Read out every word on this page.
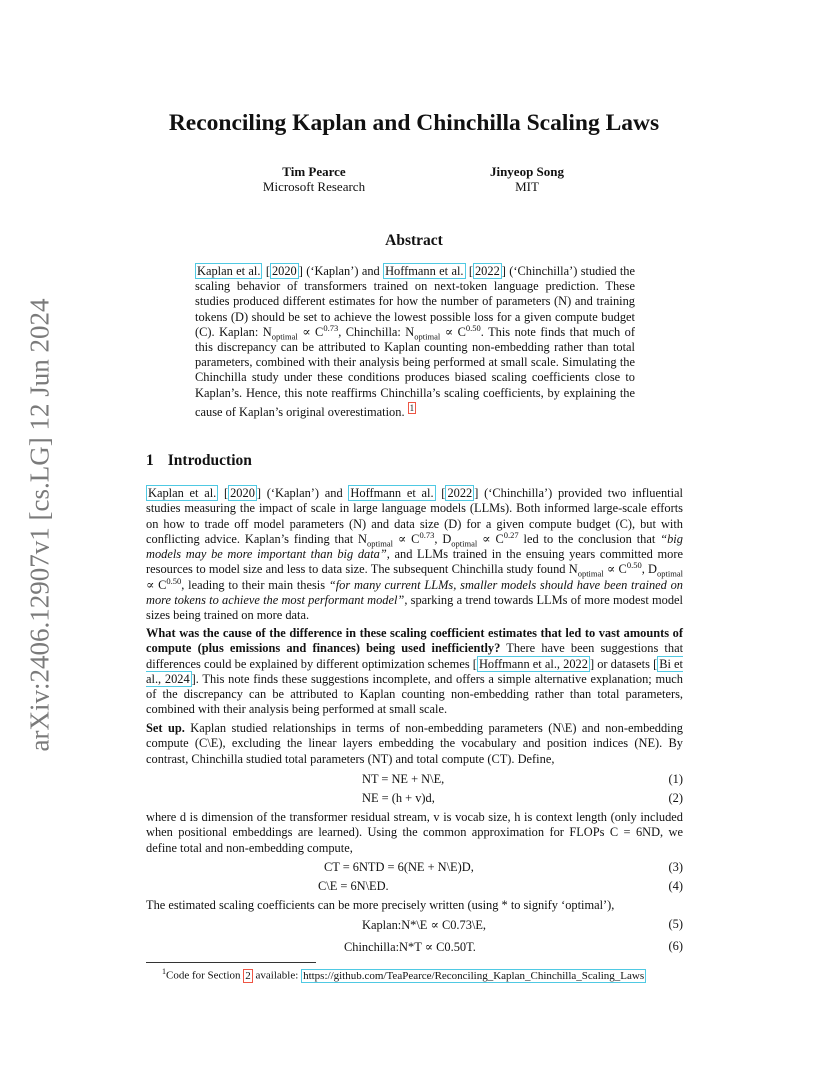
arXiv:2406.12907v1 [cs.LG] 12 Jun 2024
Reconciling Kaplan and Chinchilla Scaling Laws
Tim Pearce
Microsoft Research
Jinyeop Song
MIT
Abstract
Kaplan et al. [ 2020 ] (‘Kaplan’) and Hoffmann et al. [ 2022 ] (‘Chinchilla’) studied the scaling behavior of transformers trained on next-token language prediction. These studies produced different estimates for how the number of parameters (N) and training tokens (D) should be set to achieve the lowest possible loss for a given compute budget (C). Kaplan: $N_{optimal} \propto C^{0.73}$, Chinchilla: $N_{optimal} \propto C^{0.50}$. This note finds that much of this discrepancy can be attributed to Kaplan counting non-embedding rather than total parameters, combined with their analysis being performed at small scale. Simulating the Chinchilla study under these conditions produces biased scaling coefficients close to Kaplan’s. Hence, this note reaffirms Chinchilla’s scaling coefficients, by explaining the cause of Kaplan’s original overestimation. $^1$
1 Introduction
Kaplan et al. [ 2020 ] (‘Kaplan’) and Hoffmann et al. [ 2022 ] (‘Chinchilla’) provided two influential studies measuring the impact of scale in large language models (LLMs). Both informed large-scale efforts on how to trade off model parameters (N) and data size (D) for a given compute budget (C), but with conflicting advice. Kaplan’s finding that $N_{optimal} \propto C^{0.73}$, $D_{optimal} \propto C^{0.27}$ led to the conclusion that “big models may be more important than big data”, and LLMs trained in the ensuing years committed more resources to model size and less to data size. The subsequent Chinchilla study found $N_{optimal} \propto C^{0.50}$, $D_{optimal} \propto C^{0.50}$, leading to their main thesis “for many current LLMs, smaller models should have been trained on more tokens to achieve the most performant model”, sparking a trend towards LLMs of more modest model sizes being trained on more data.
What was the cause of the difference in these scaling coefficient estimates that led to vast amounts of compute (plus emissions and finances) being used inefficiently? There have been suggestions that differences could be explained by different optimization schemes [ Hoffmann et al., 2022 ] or datasets [ Bi et al., 2024 ]. This note finds these suggestions incomplete, and offers a simple alternative explanation; much of the discrepancy can be attributed to Kaplan counting non-embedding rather than total parameters, combined with their analysis being performed at small scale.
Set up. Kaplan studied relationships in terms of non-embedding parameters (N\E) and non-embedding compute (C\E), excluding the linear layers embedding the vocabulary and position indices (NE). By contrast, Chinchilla studied total parameters (NT) and total compute (CT). Define,
NT = NE + N\E,	(1)
NE = (h + v)d,	(2)
where d is dimension of the transformer residual stream, v is vocab size, h is context length (only included when positional embeddings are learned). Using the common approximation for FLOPs C = 6ND, we define total and non-embedding compute,
CT = 6NTD = 6(NE + N\E)D,	(3)
C\E = 6N\ED.	(4)
The estimated scaling coefficients can be more precisely written (using * to signify ‘optimal’),
Kaplan:N*\E ∝ C0.73\E,	(5)
Chinchilla:N*T ∝ C0.50T.	(6)
$^1$Code for Section 2 available: https://github.com/TeaPearce/Reconciling_Kaplan_Chinchilla_Scaling_Laws
